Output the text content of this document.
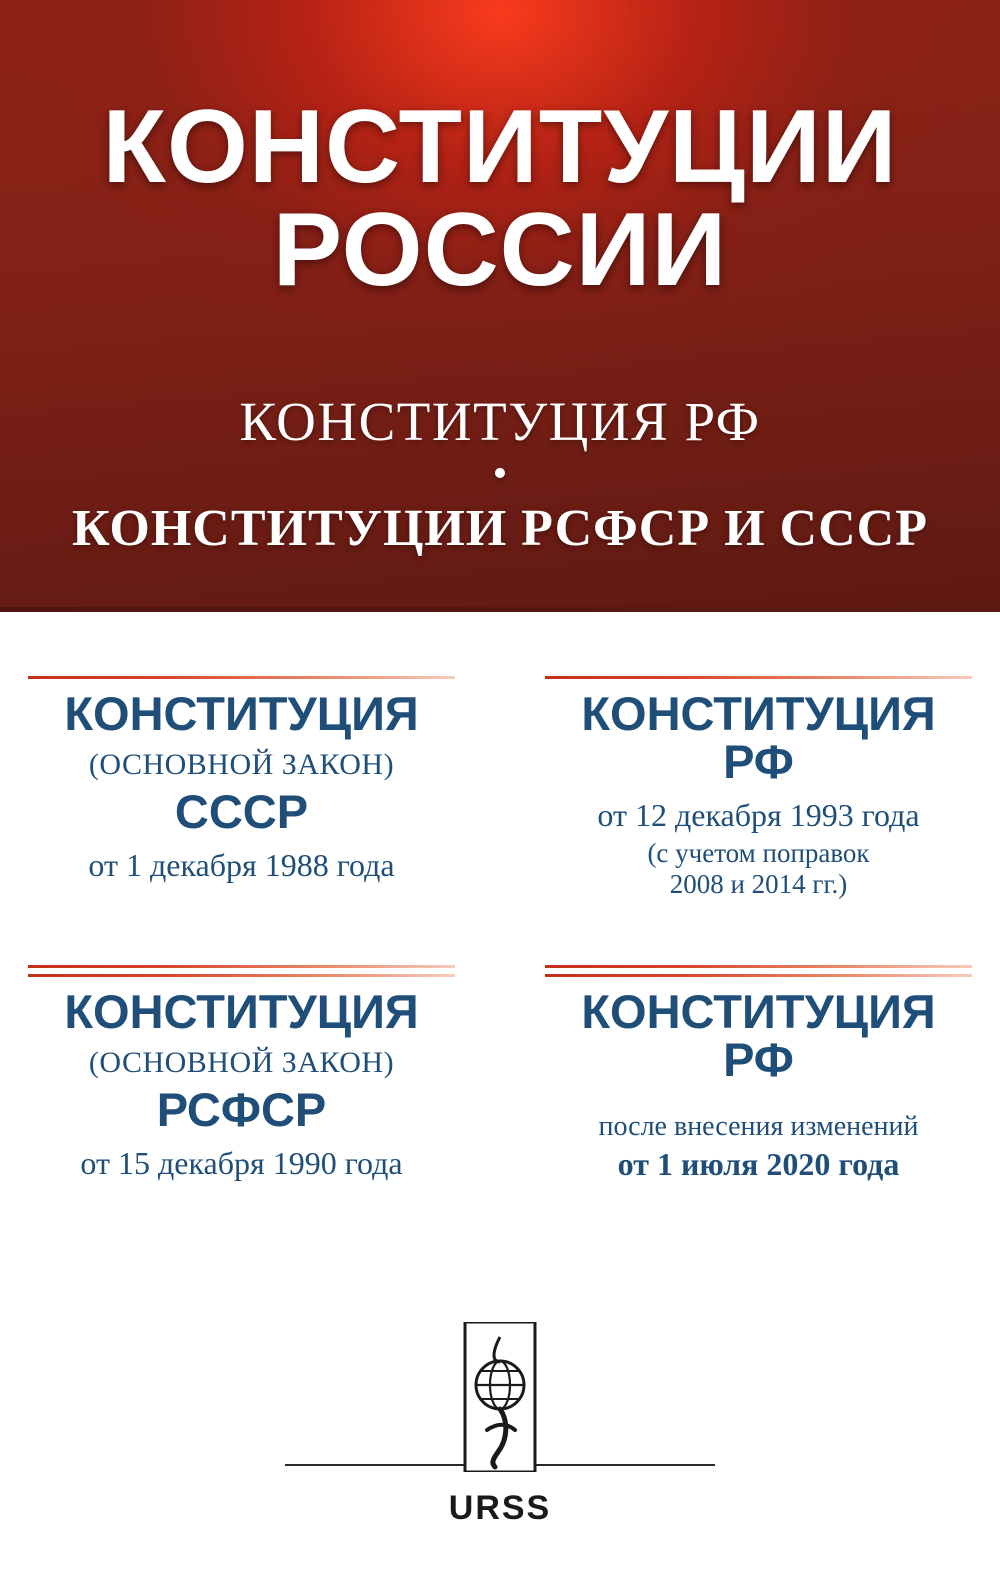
КОНСТИТУЦИИ
РОССИИ
КОНСТИТУЦИЯ РФ
•
КОНСТИТУЦИИ РСФСР И СССР
КОНСТИТУЦИЯ
(ОСНОВНОЙ ЗАКОН)
СССР
от 1 декабря 1988 года
КОНСТИТУЦИЯ
РФ
от 12 декабря 1993 года
(с учетом поправок
2008 и 2014 гг.)
КОНСТИТУЦИЯ
(ОСНОВНОЙ ЗАКОН)
РСФСР
от 15 декабря 1990 года
КОНСТИТУЦИЯ
РФ
после внесения изменений
от 1 июля 2020 года
URSS
